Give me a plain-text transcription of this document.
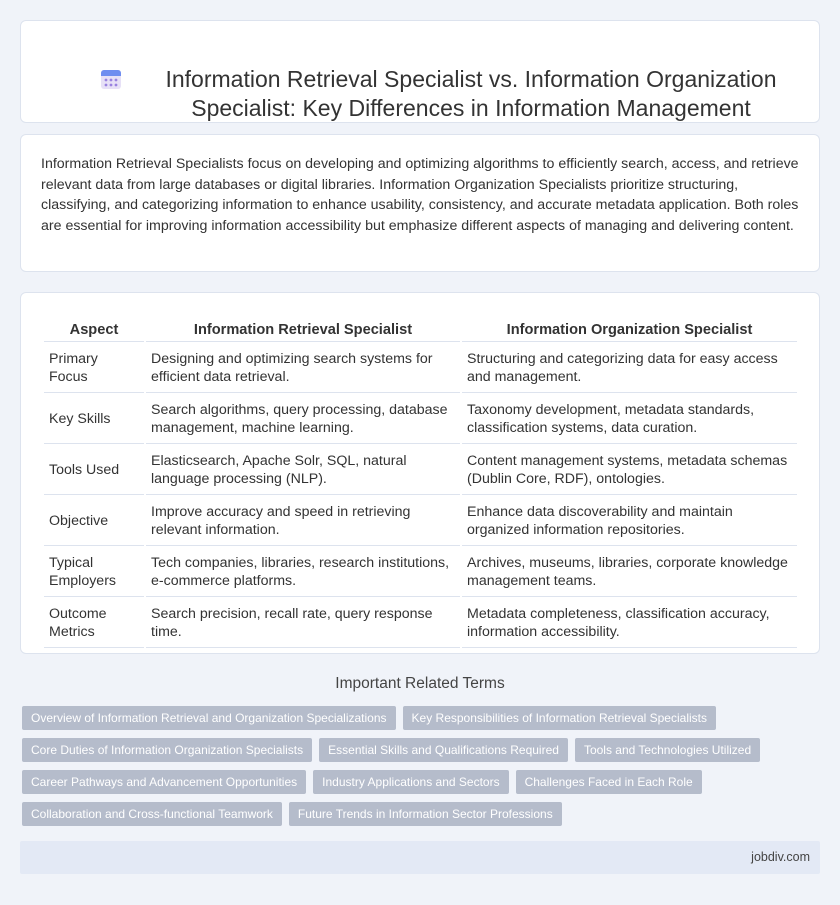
Information Retrieval Specialist vs. Information Organization Specialist: Key Differences in Information Management

Information Retrieval Specialists focus on developing and optimizing algorithms to efficiently search, access, and retrieve relevant data from large databases or digital libraries. Information Organization Specialists prioritize structuring, classifying, and categorizing information to enhance usability, consistency, and accurate metadata application. Both roles are essential for improving information accessibility but emphasize different aspects of managing and delivering content.

Aspect	Information Retrieval Specialist	Information Organization Specialist
Primary Focus	Designing and optimizing search systems for efficient data retrieval.	Structuring and categorizing data for easy access and management.
Key Skills	Search algorithms, query processing, database management, machine learning.	Taxonomy development, metadata standards, classification systems, data curation.
Tools Used	Elasticsearch, Apache Solr, SQL, natural language processing (NLP).	Content management systems, metadata schemas (Dublin Core, RDF), ontologies.
Objective	Improve accuracy and speed in retrieving relevant information.	Enhance data discoverability and maintain organized information repositories.
Typical Employers	Tech companies, libraries, research institutions, e-commerce platforms.	Archives, museums, libraries, corporate knowledge management teams.
Outcome Metrics	Search precision, recall rate, query response time.	Metadata completeness, classification accuracy, information accessibility.
Important Related Terms
Overview of Information Retrieval and Organization Specializations	Key Responsibilities of Information Retrieval Specialists
Core Duties of Information Organization Specialists	Essential Skills and Qualifications Required	Tools and Technologies Utilized
Career Pathways and Advancement Opportunities	Industry Applications and Sectors	Challenges Faced in Each Role
Collaboration and Cross-functional Teamwork	Future Trends in Information Sector Professions
jobdiv.com
